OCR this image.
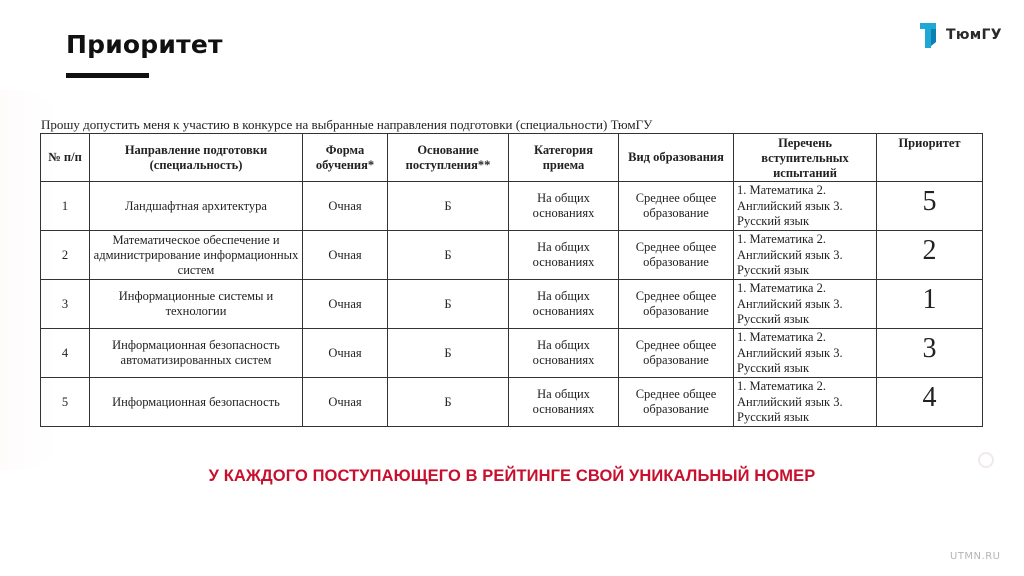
Приоритет	ТюмГУ
Прошу допустить меня к участию в конкурсе на выбранные направления подготовки (специальности) ТюмГУ
№ п/п	Направление подготовки (специальность)	Форма обучения*	Основание поступления**	Категория приема	Вид образования	Перечень вступительных испытаний	Приоритет
1	Ландшафтная архитектура	Очная	Б	На общих основаниях	Среднее общее образование	1. Математика 2. Английский язык 3. Русский язык	5
2	Математическое обеспечение и администрирование информационных систем	Очная	Б	На общих основаниях	Среднее общее образование	1. Математика 2. Английский язык 3. Русский язык	2
3	Информационные системы и технологии	Очная	Б	На общих основаниях	Среднее общее образование	1. Математика 2. Английский язык 3. Русский язык	1
4	Информационная безопасность автоматизированных систем	Очная	Б	На общих основаниях	Среднее общее образование	1. Математика 2. Английский язык 3. Русский язык	3
5	Информационная безопасность	Очная	Б	На общих основаниях	Среднее общее образование	1. Математика 2. Английский язык 3. Русский язык	4
У КАЖДОГО ПОСТУПАЮЩЕГО В РЕЙТИНГЕ СВОЙ УНИКАЛЬНЫЙ НОМЕР
UTMN.RU
